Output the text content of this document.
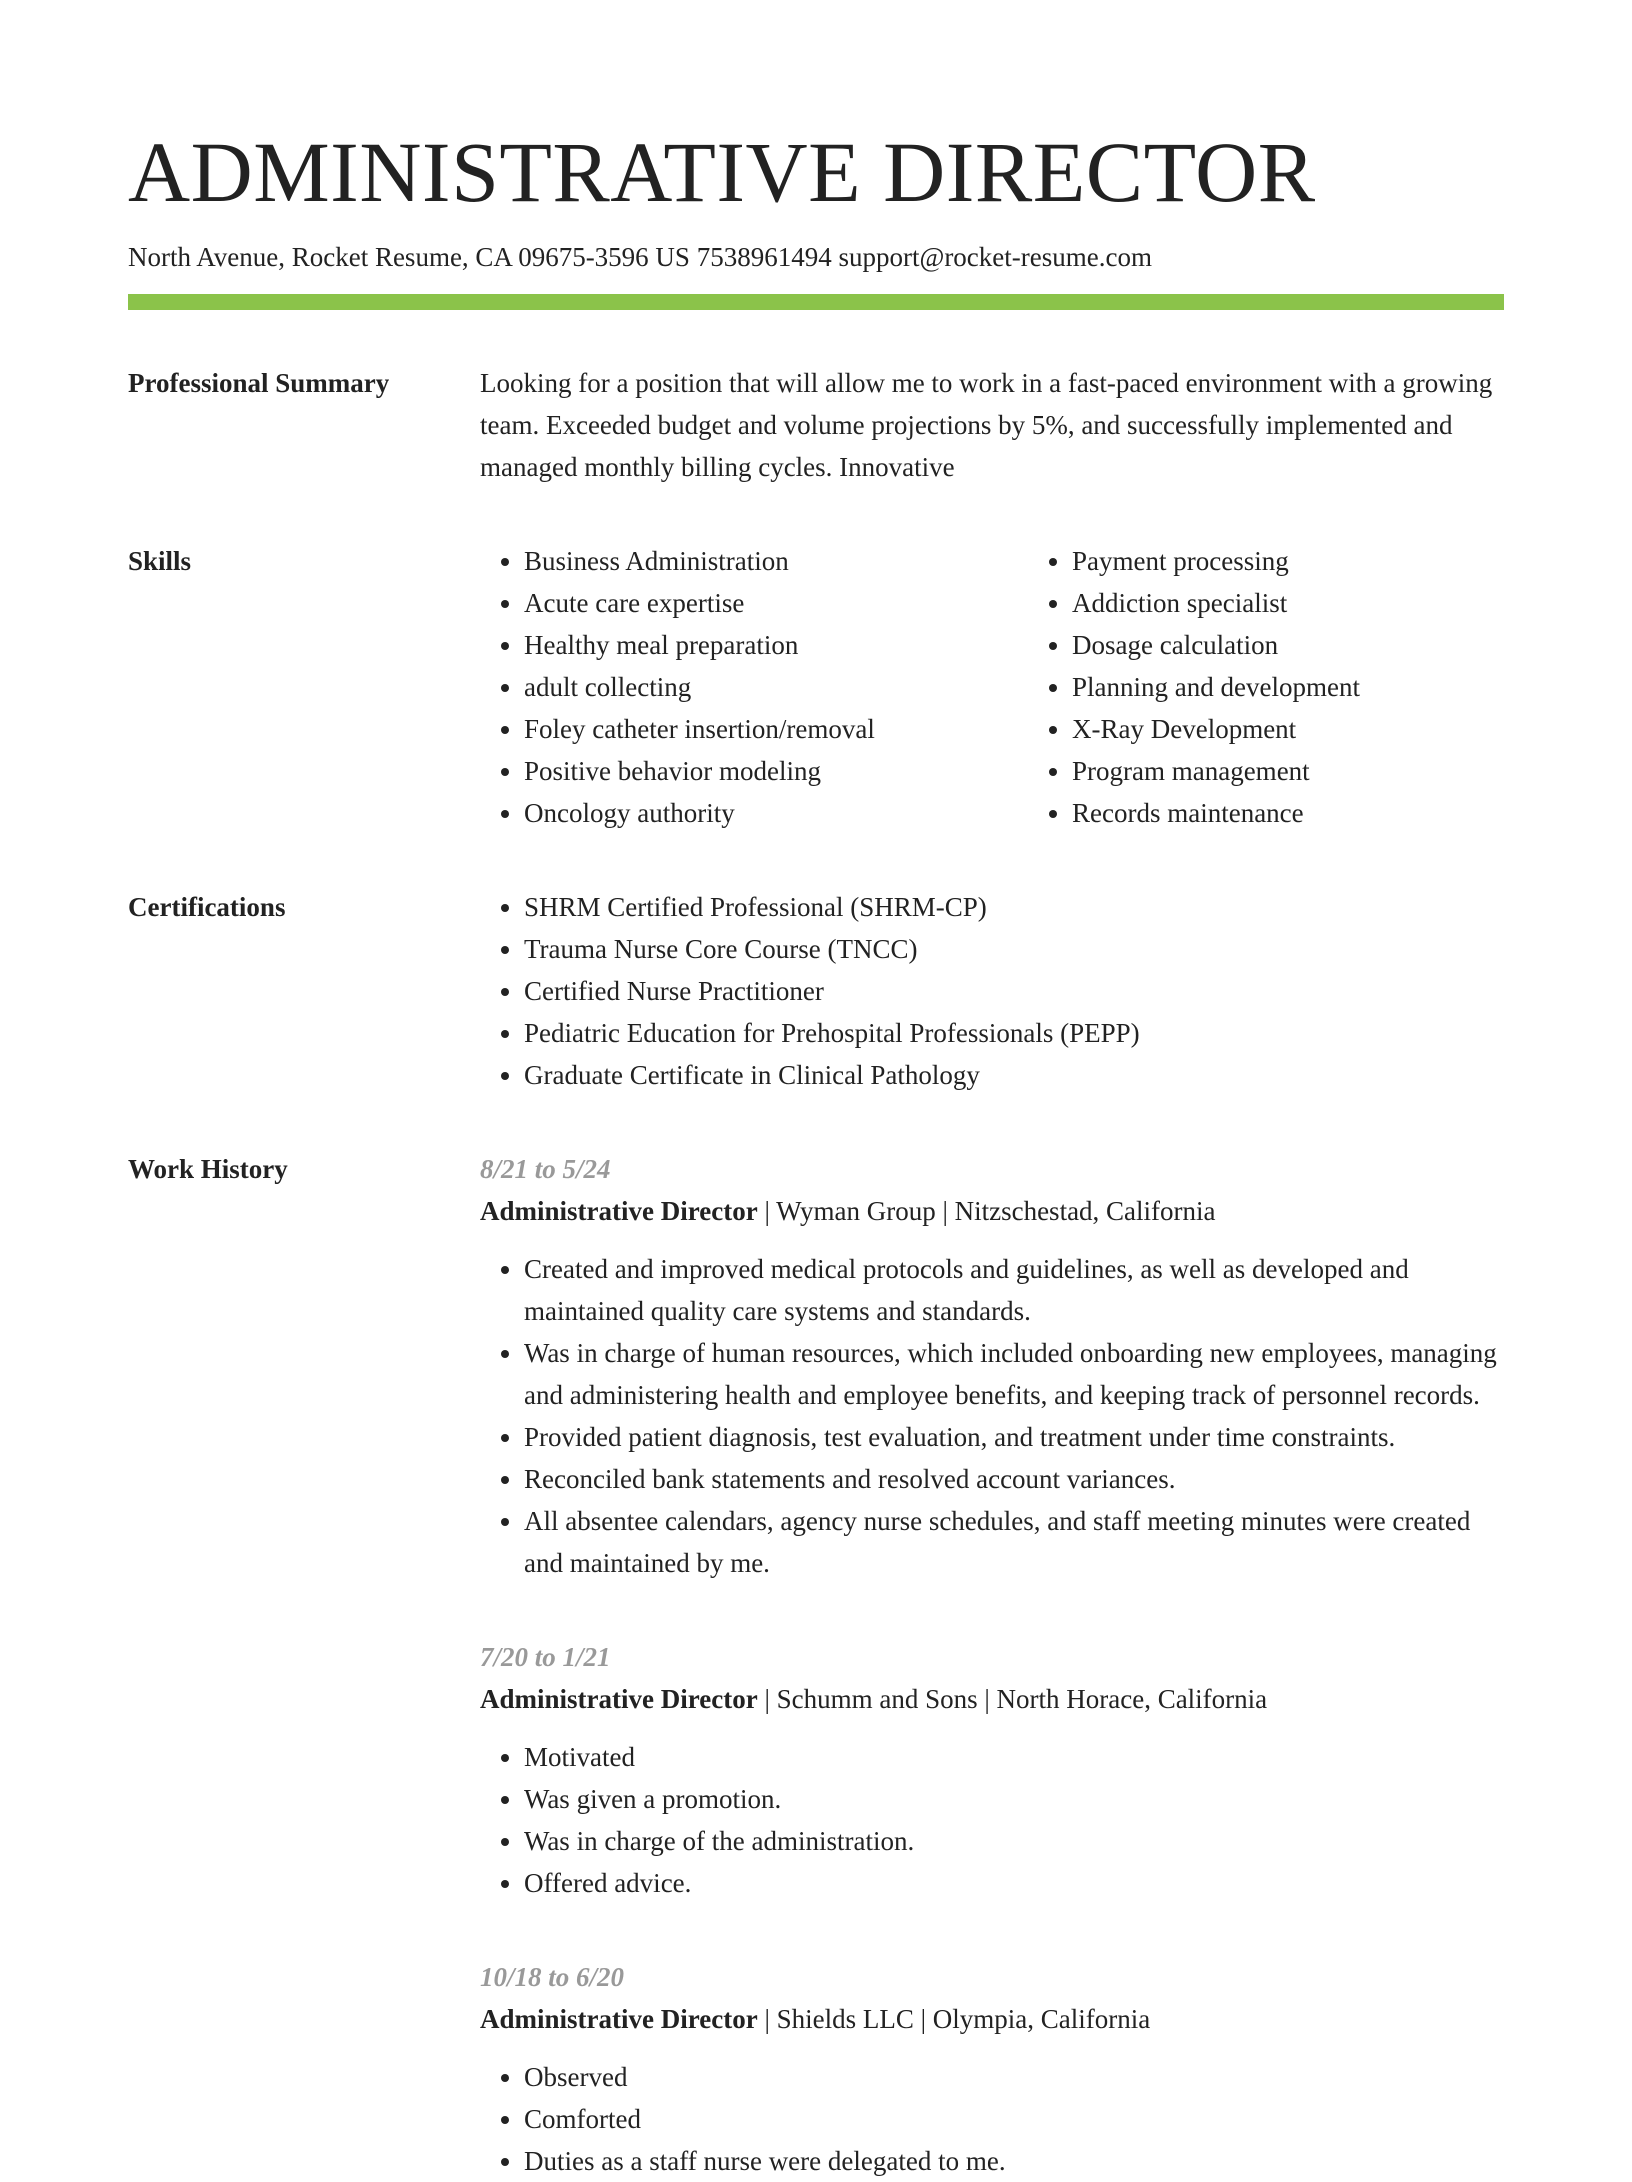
ADMINISTRATIVE DIRECTOR
North Avenue, Rocket Resume, CA 09675-3596 US 7538961494 support@rocket-resume.com
Professional Summary	Looking for a position that will allow me to work in a fast-paced environment with a growing team. Exceeded budget and volume projections by 5%, and successfully implemented and managed monthly billing cycles. Innovative

Skills	• Business Administration
• Acute care expertise
• Healthy meal preparation
• adult collecting
• Foley catheter insertion/removal
• Positive behavior modeling
• Oncology authority
• Payment processing
• Addiction specialist
• Dosage calculation
• Planning and development
• X-Ray Development
• Program management
• Records maintenance
Certifications	• SHRM Certified Professional (SHRM-CP)
• Trauma Nurse Core Course (TNCC)
• Certified Nurse Practitioner
• Pediatric Education for Prehospital Professionals (PEPP)
• Graduate Certificate in Clinical Pathology
Work History	8/21 to 5/24
Administrative Director | Wyman Group | Nitzschestad, California
• Created and improved medical protocols and guidelines, as well as developed and maintained quality care systems and standards.
• Was in charge of human resources, which included onboarding new employees, managing and administering health and employee benefits, and keeping track of personnel records.
• Provided patient diagnosis, test evaluation, and treatment under time constraints.
• Reconciled bank statements and resolved account variances.
• All absentee calendars, agency nurse schedules, and staff meeting minutes were created and maintained by me.
7/20 to 1/21
Administrative Director | Schumm and Sons | North Horace, California
• Motivated
• Was given a promotion.
• Was in charge of the administration.
• Offered advice.
10/18 to 6/20
Administrative Director | Shields LLC | Olympia, California
• Observed
• Comforted
• Duties as a staff nurse were delegated to me.
